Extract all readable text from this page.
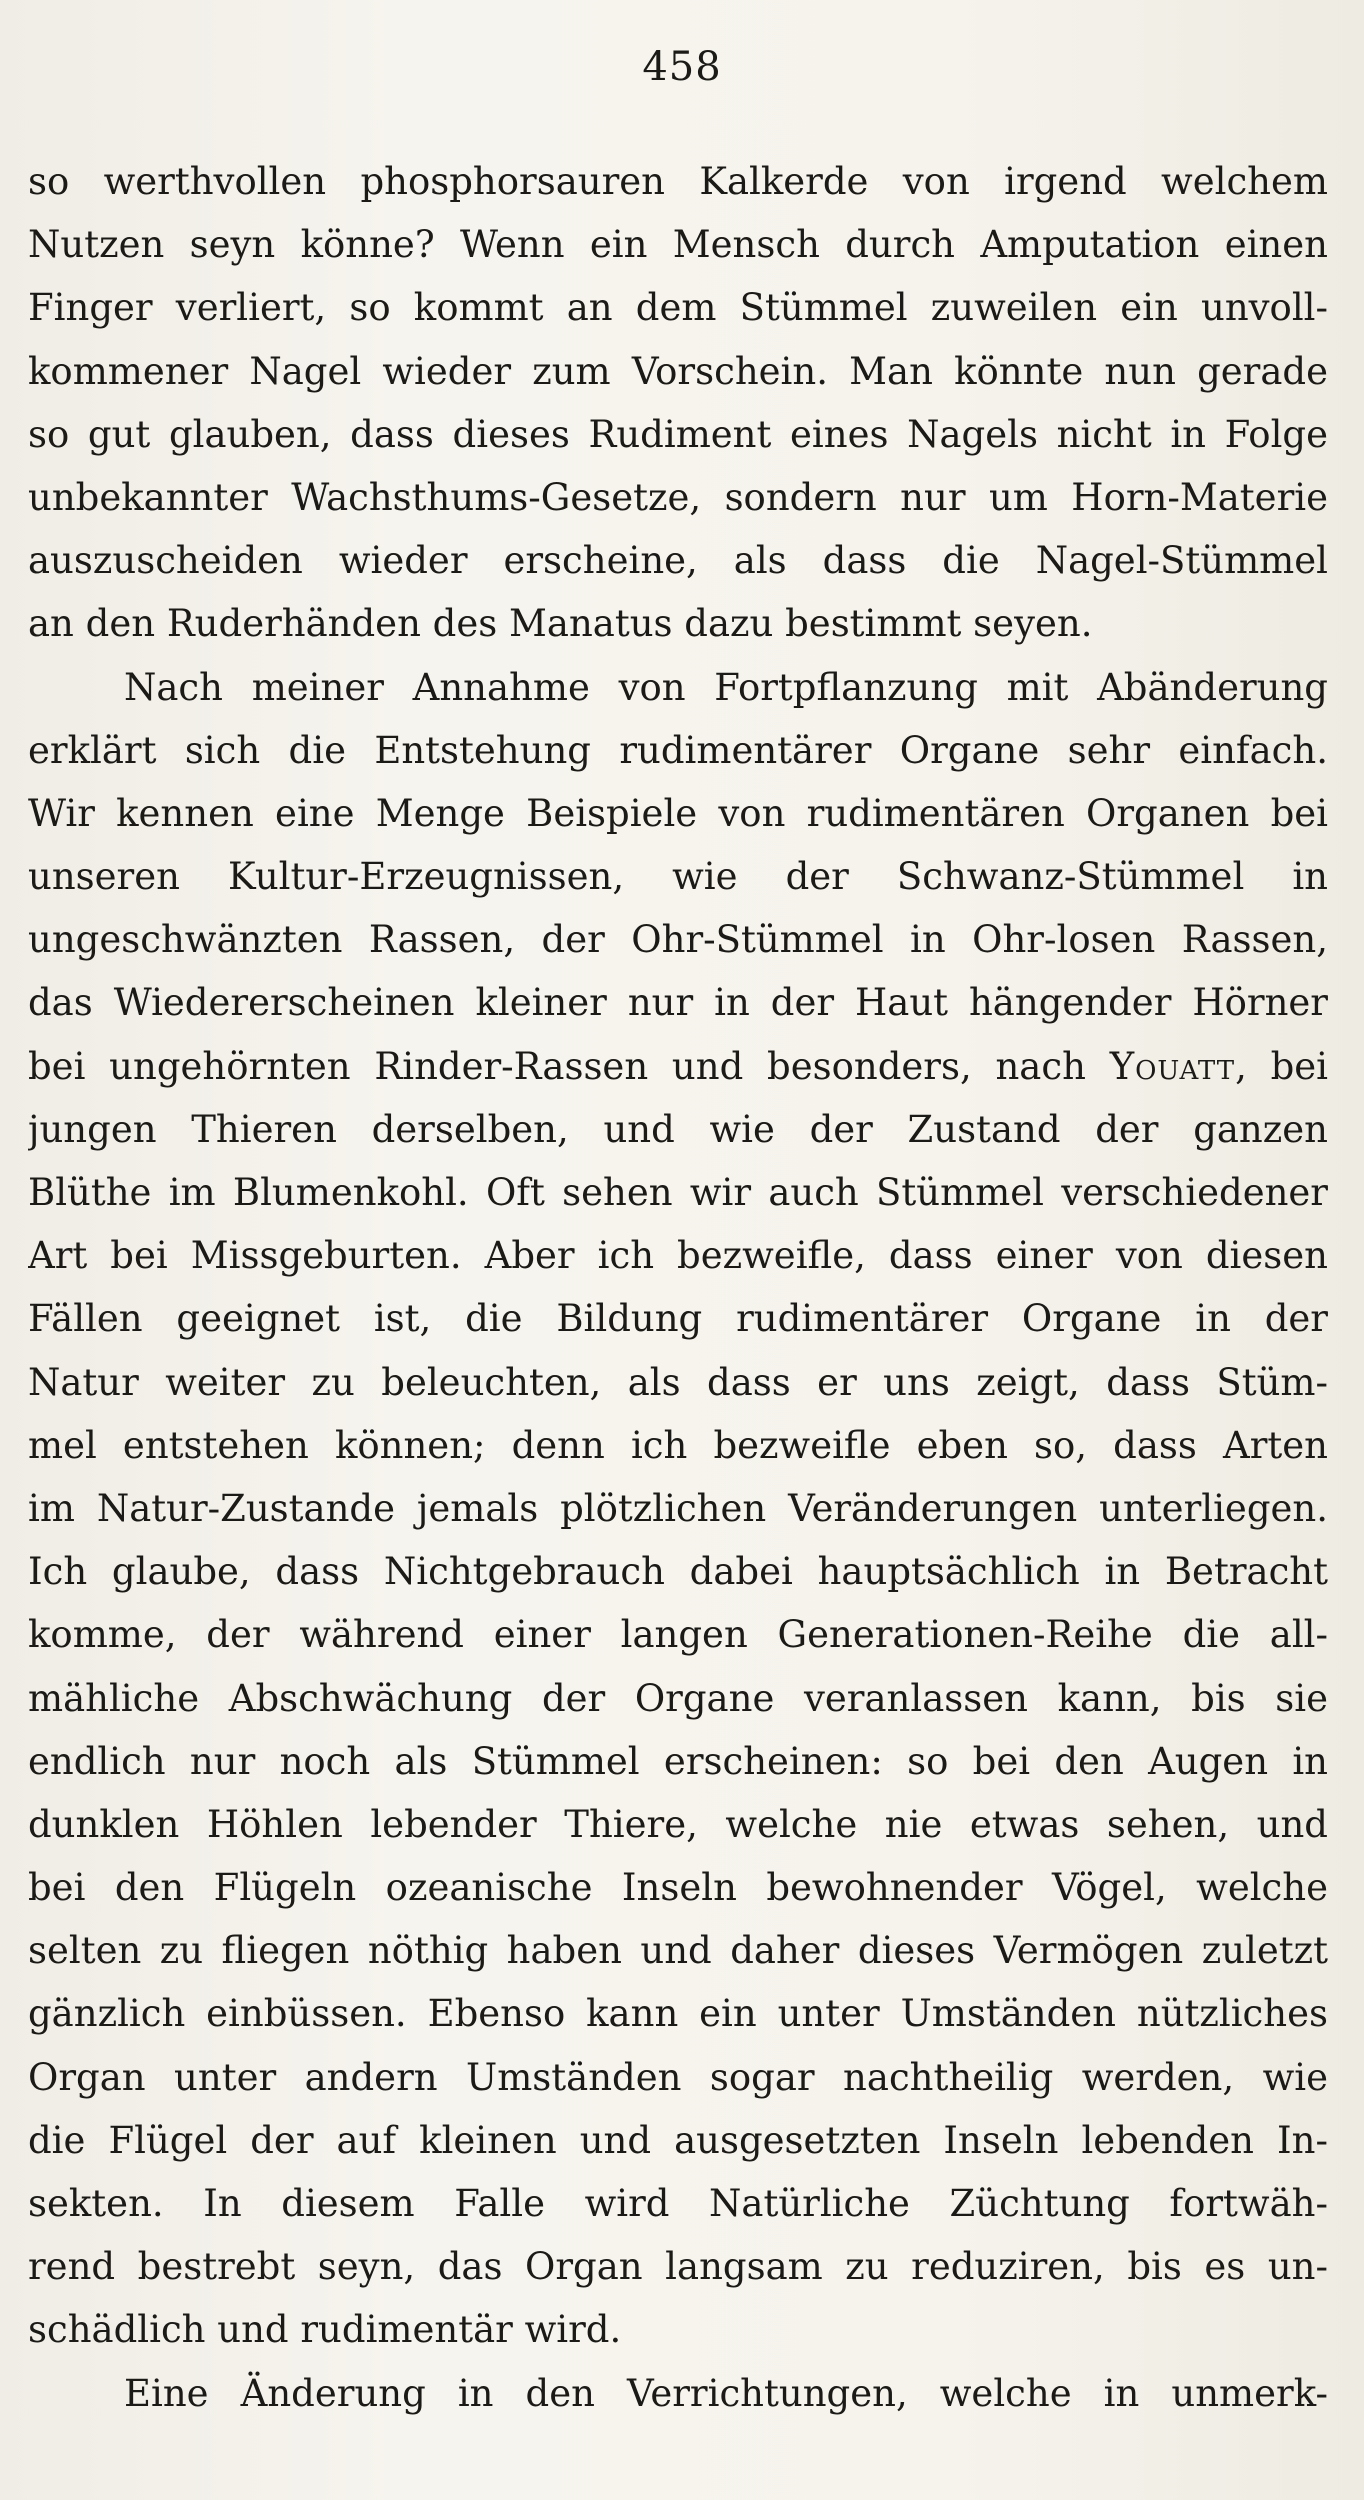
458
so werthvollen phosphorsauren Kalkerde von irgend welchem
Nutzen seyn könne? Wenn ein Mensch durch Amputation einen
Finger verliert, so kommt an dem Stümmel zuweilen ein unvoll-
kommener Nagel wieder zum Vorschein. Man könnte nun gerade
so gut glauben, dass dieses Rudiment eines Nagels nicht in Folge
unbekannter Wachsthums-Gesetze, sondern nur um Horn-Materie
auszuscheiden wieder erscheine, als dass die Nagel-Stümmel
an den Ruderhänden des Manatus dazu bestimmt seyen.
Nach meiner Annahme von Fortpflanzung mit Abänderung
erklärt sich die Entstehung rudimentärer Organe sehr einfach.
Wir kennen eine Menge Beispiele von rudimentären Organen bei
unseren Kultur-Erzeugnissen, wie der Schwanz-Stümmel in
ungeschwänzten Rassen, der Ohr-Stümmel in Ohr-losen Rassen,
das Wiedererscheinen kleiner nur in der Haut hängender Hörner
bei ungehörnten Rinder-Rassen und besonders, nach Youatt, bei
jungen Thieren derselben, und wie der Zustand der ganzen
Blüthe im Blumenkohl. Oft sehen wir auch Stümmel verschiedener
Art bei Missgeburten. Aber ich bezweifle, dass einer von diesen
Fällen geeignet ist, die Bildung rudimentärer Organe in der
Natur weiter zu beleuchten, als dass er uns zeigt, dass Stüm-
mel entstehen können; denn ich bezweifle eben so, dass Arten
im Natur-Zustande jemals plötzlichen Veränderungen unterliegen.
Ich glaube, dass Nichtgebrauch dabei hauptsächlich in Betracht
komme, der während einer langen Generationen-Reihe die all-
mähliche Abschwächung der Organe veranlassen kann, bis sie
endlich nur noch als Stümmel erscheinen: so bei den Augen in
dunklen Höhlen lebender Thiere, welche nie etwas sehen, und
bei den Flügeln ozeanische Inseln bewohnender Vögel, welche
selten zu fliegen nöthig haben und daher dieses Vermögen zuletzt
gänzlich einbüssen. Ebenso kann ein unter Umständen nützliches
Organ unter andern Umständen sogar nachtheilig werden, wie
die Flügel der auf kleinen und ausgesetzten Inseln lebenden In-
sekten. In diesem Falle wird Natürliche Züchtung fortwäh-
rend bestrebt seyn, das Organ langsam zu reduziren, bis es un-
schädlich und rudimentär wird.
Eine Änderung in den Verrichtungen, welche in unmerk-
